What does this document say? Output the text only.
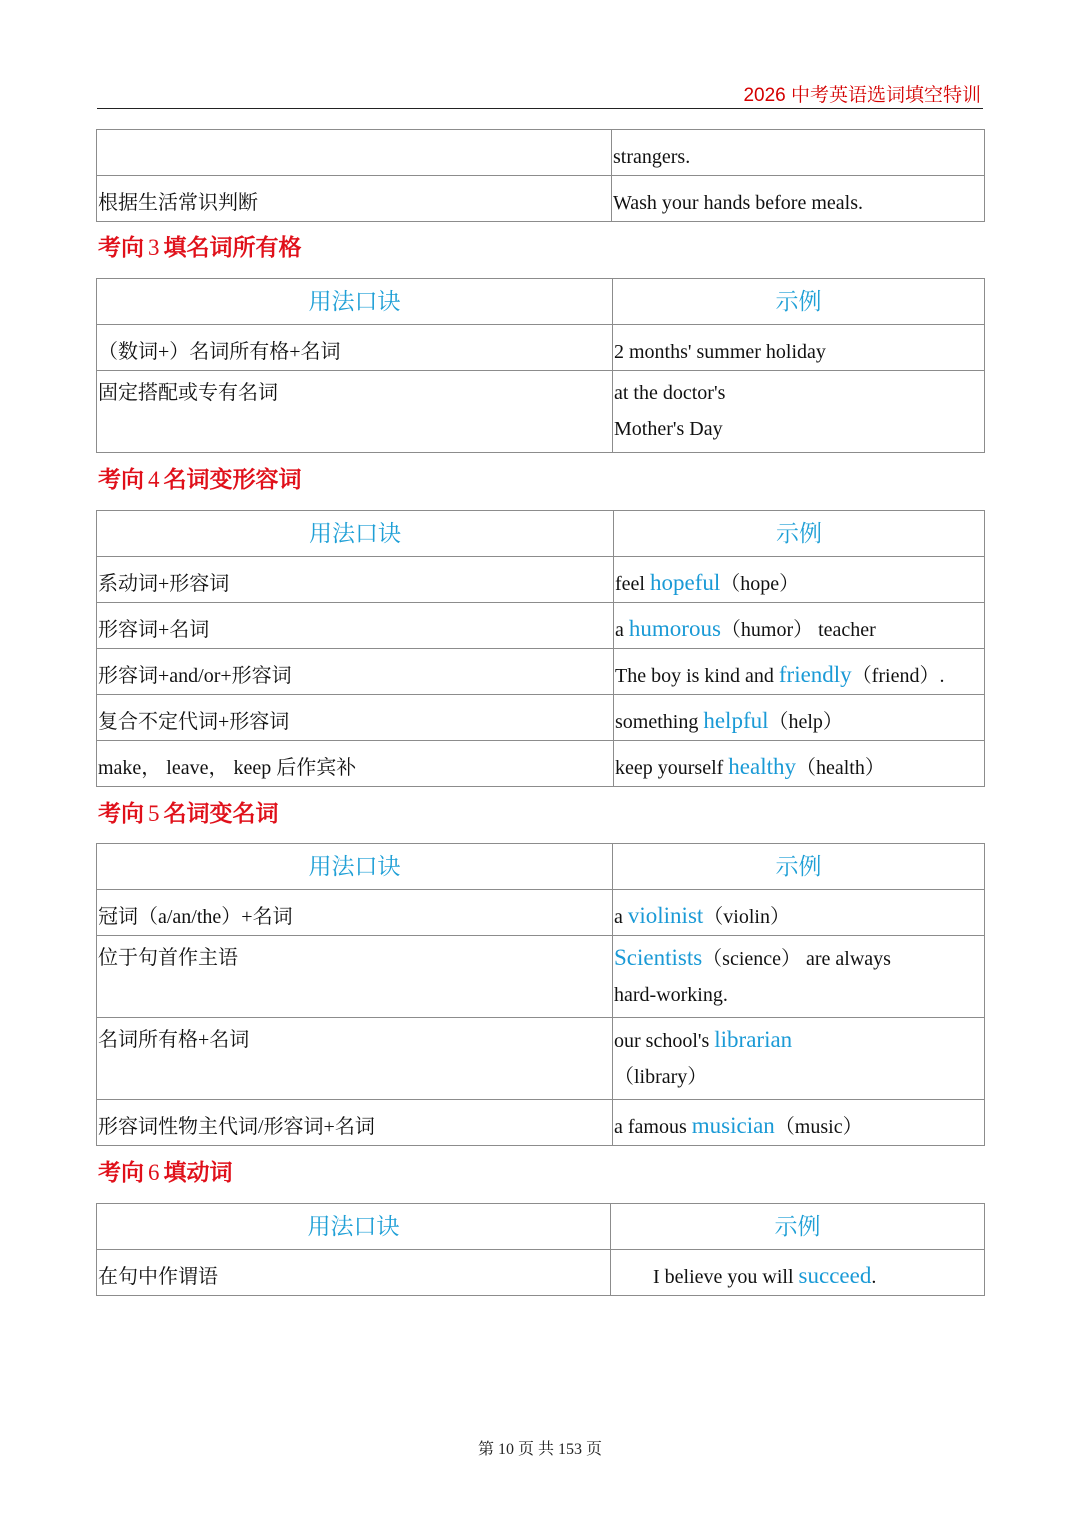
2026 中考英语选词填空特训
	strangers.
根据生活常识判断	Wash your hands before meals.
考向 3 填名词所有格
用法口诀	示例
（数词+）名词所有格+名词	2 months' summer holiday
固定搭配或专有名词	at the doctor's
Mother's Day
考向 4 名词变形容词
用法口诀	示例
系动词+形容词	feel hopeful（hope）
形容词+名词	a humorous（humor） teacher
形容词+and/or+形容词	The boy is kind and friendly（friend）.
复合不定代词+形容词	something helpful（help）
make， leave， keep 后作宾补	keep yourself healthy（health）
考向 5 名词变名词
用法口诀	示例
冠词（a/an/the）+名词	a violinist（violin）
位于句首作主语	Scientists（science） are always
hard-working.
名词所有格+名词	our school's librarian
（library）
形容词性物主代词/形容词+名词	a famous musician（music）
考向 6 填动词
用法口诀	示例
在句中作谓语	I believe you will succeed.
第 10 页 共 153 页
